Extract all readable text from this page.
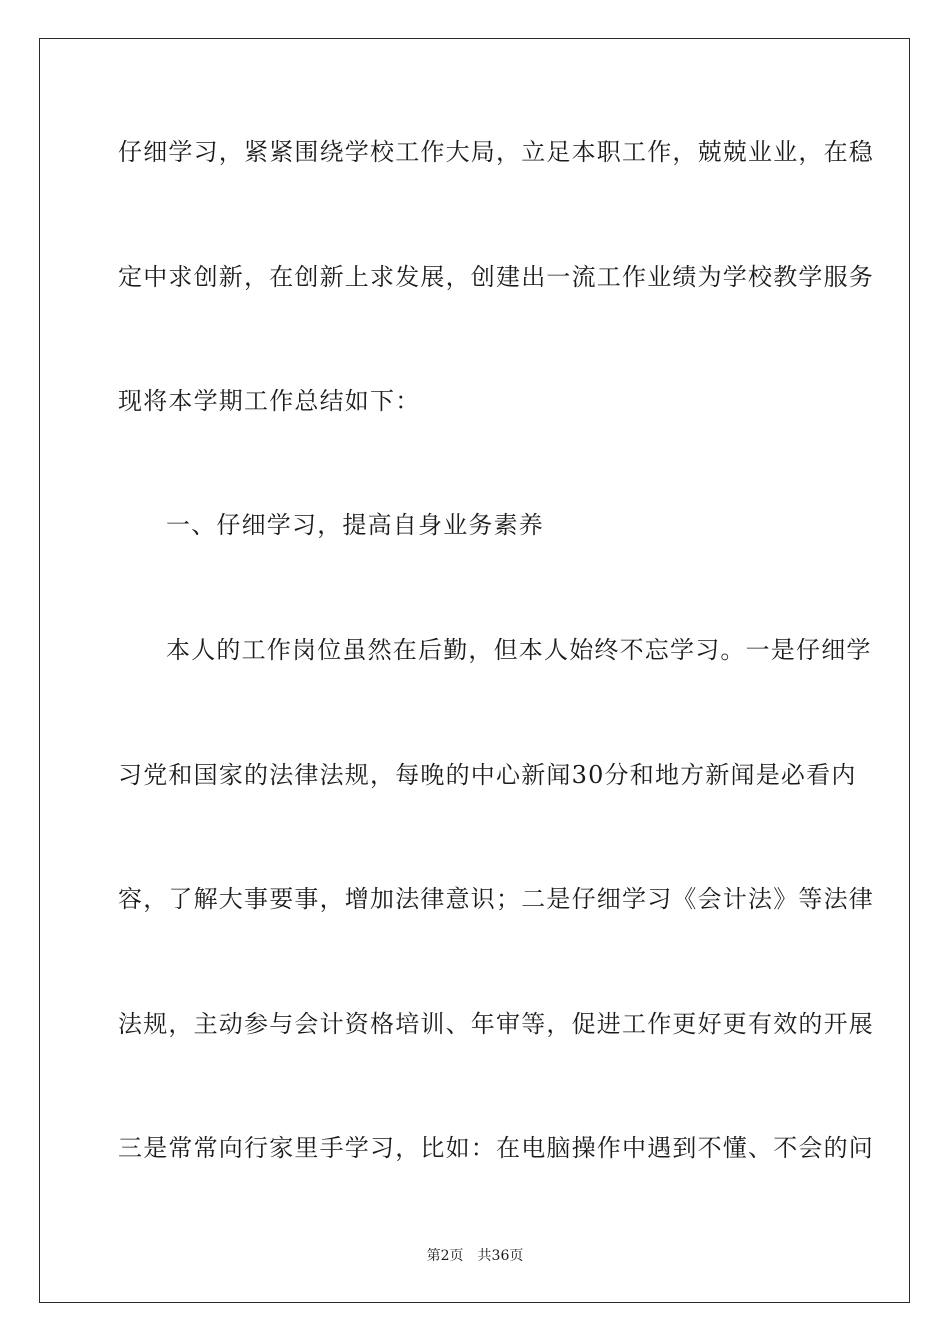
仔细学习，紧紧围绕学校工作大局，立足本职工作，兢兢业业，在稳
定中求创新，在创新上求发展，创建出一流工作业绩为学校教学服务
现将本学期工作总结如下：
一、仔细学习，提高自身业务素养
本人的工作岗位虽然在后勤，但本人始终不忘学习。一是仔细学
习党和国家的法律法规，每晚的中心新闻30分和地方新闻是必看内
容，了解大事要事，增加法律意识；二是仔细学习《会计法》等法律
法规，主动参与会计资格培训、年审等，促进工作更好更有效的开展
三是常常向行家里手学习，比如：在电脑操作中遇到不懂、不会的问
第2页 共36页
